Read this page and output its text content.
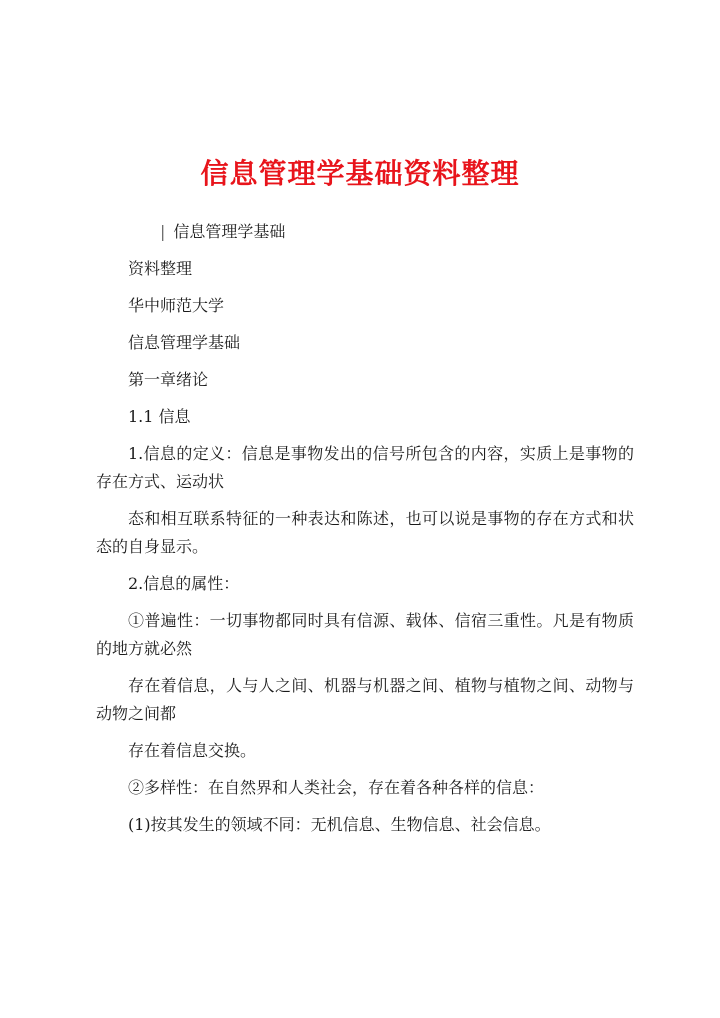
信息管理学基础资料整理

| 信息管理学基础

资料整理

华中师范大学

信息管理学基础

第一章绪论

1.1 信息

1.信息的定义：信息是事物发出的信号所包含的内容，实质上是事物的存在方式、运动状

态和相互联系特征的一种表达和陈述，也可以说是事物的存在方式和状态的自身显示。

2.信息的属性：

①普遍性：一切事物都同时具有信源、载体、信宿三重性。凡是有物质的地方就必然

存在着信息，人与人之间、机器与机器之间、植物与植物之间、动物与动物之间都

存在着信息交换。

②多样性：在自然界和人类社会，存在着各种各样的信息：

(1)按其发生的领域不同：无机信息、生物信息、社会信息。
